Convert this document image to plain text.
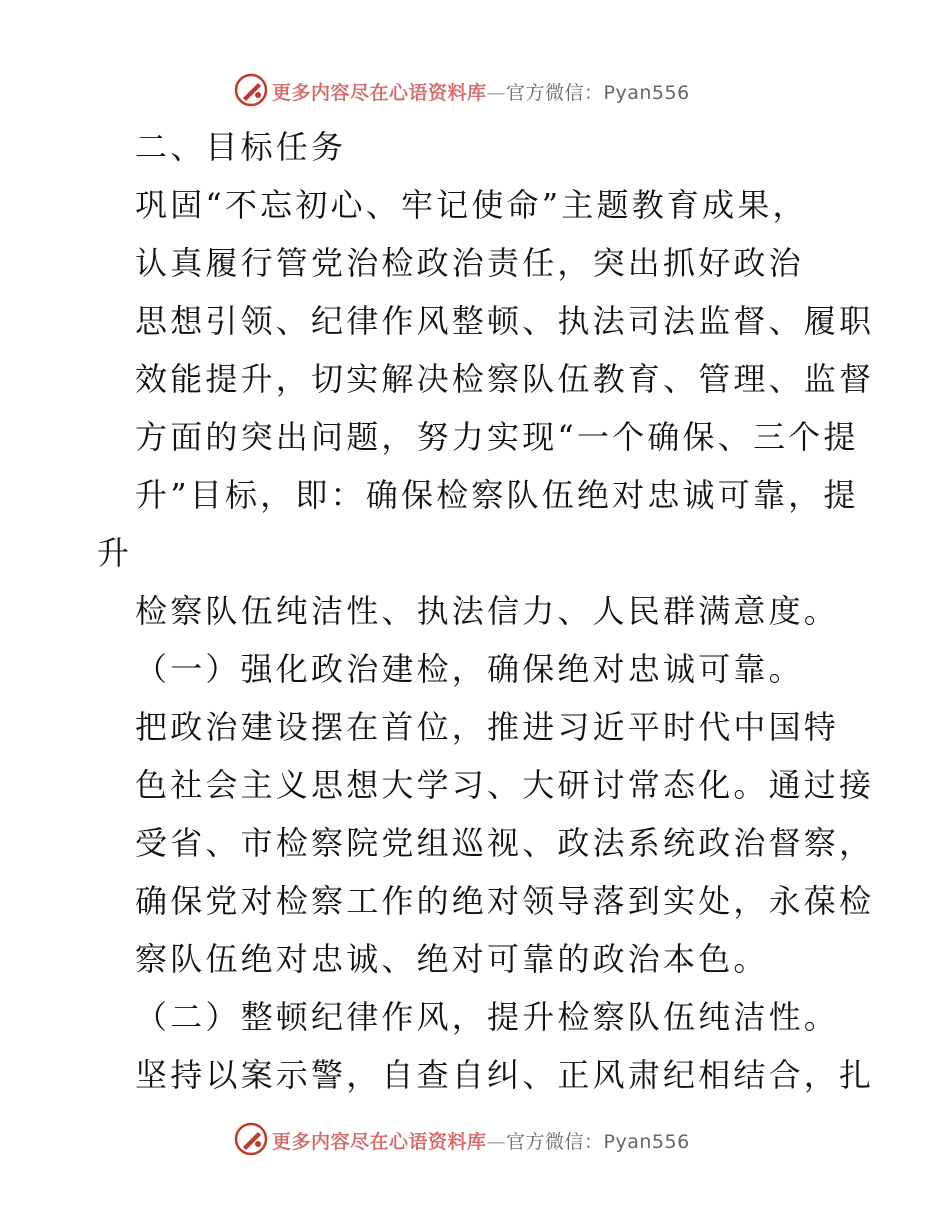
更多内容尽在心语资料库—官方微信：Pyan556
二、目标任务
巩固“不忘初心、牢记使命”主题教育成果，
认真履行管党治检政治责任，突出抓好政治
思想引领、纪律作风整顿、执法司法监督、履职
效能提升，切实解决检察队伍教育、管理、监督
方面的突出问题，努力实现“一个确保、三个提
升”目标，即：确保检察队伍绝对忠诚可靠，提
升
检察队伍纯洁性、执法信力、人民群满意度。
（一）强化政治建检，确保绝对忠诚可靠。
把政治建设摆在首位，推进习近平时代中国特
色社会主义思想大学习、大研讨常态化。通过接
受省、市检察院党组巡视、政法系统政治督察，
确保党对检察工作的绝对领导落到实处，永葆检
察队伍绝对忠诚、绝对可靠的政治本色。
（二）整顿纪律作风，提升检察队伍纯洁性。
坚持以案示警，自查自纠、正风肃纪相结合，扎
更多内容尽在心语资料库—官方微信：Pyan556
